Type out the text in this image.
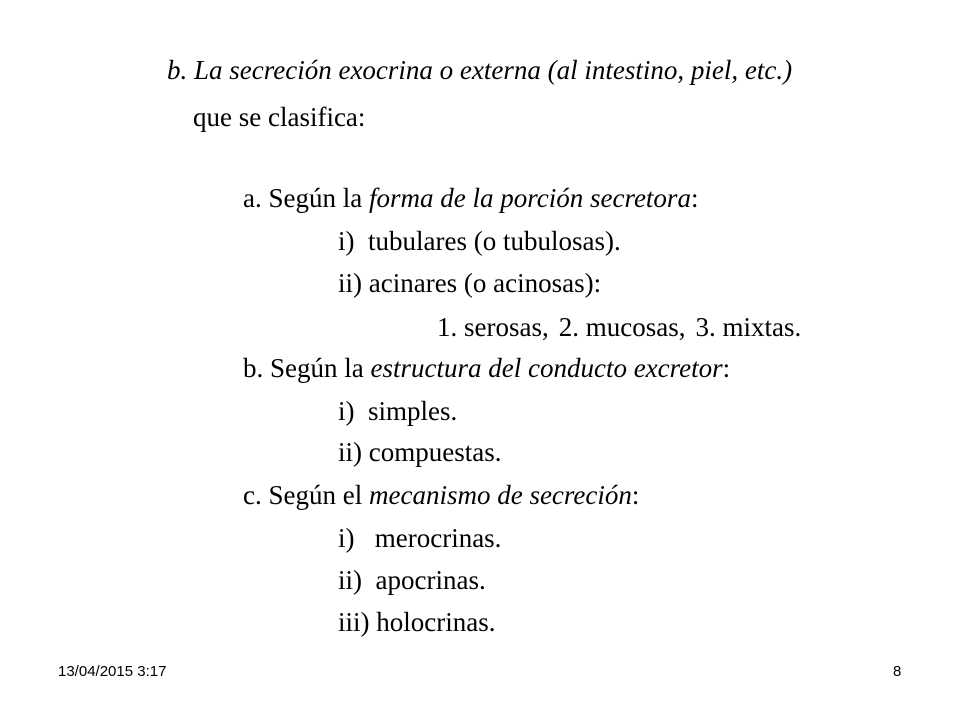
b. La secreción exocrina o externa (al intestino, piel, etc.)
que se clasifica:
a. Según la forma de la porción secretora:
i)  tubulares (o tubulosas).
ii) acinares (o acinosas):
1. serosas, 2. mucosas, 3. mixtas.
b. Según la estructura del conducto excretor:
i)  simples.
ii) compuestas.
c. Según el mecanismo de secreción:
i)   merocrinas.
ii)  apocrinas.
iii) holocrinas.
13/04/2015 3:17	8
